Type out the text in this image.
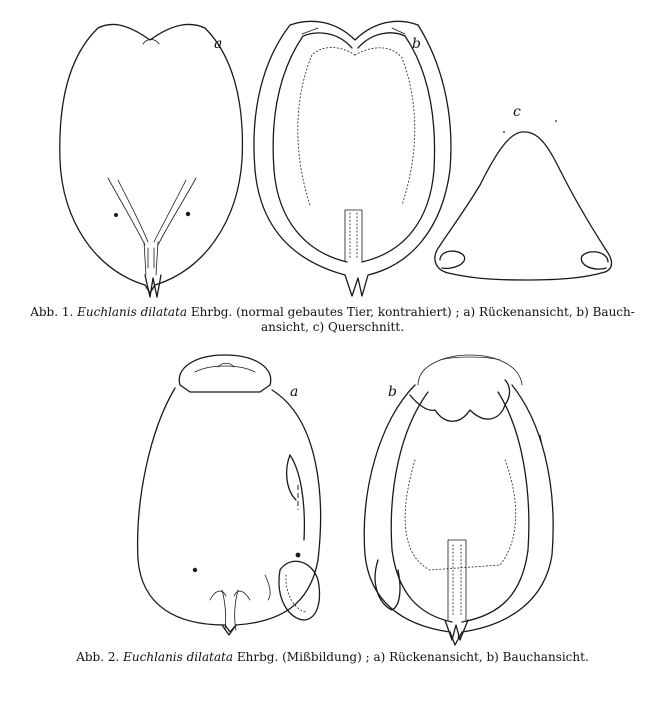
a	b
c
a	b
Abb. 1. Euchlanis dilatata Ehrbg. (normal gebautes Tier, kontrahiert) ; a) Rückenansicht, b) Bauch-
ansicht, c) Querschnitt.
Abb. 2. Euchlanis dilatata Ehrbg. (Mißbildung) ; a) Rückenansicht, b) Bauchansicht.
